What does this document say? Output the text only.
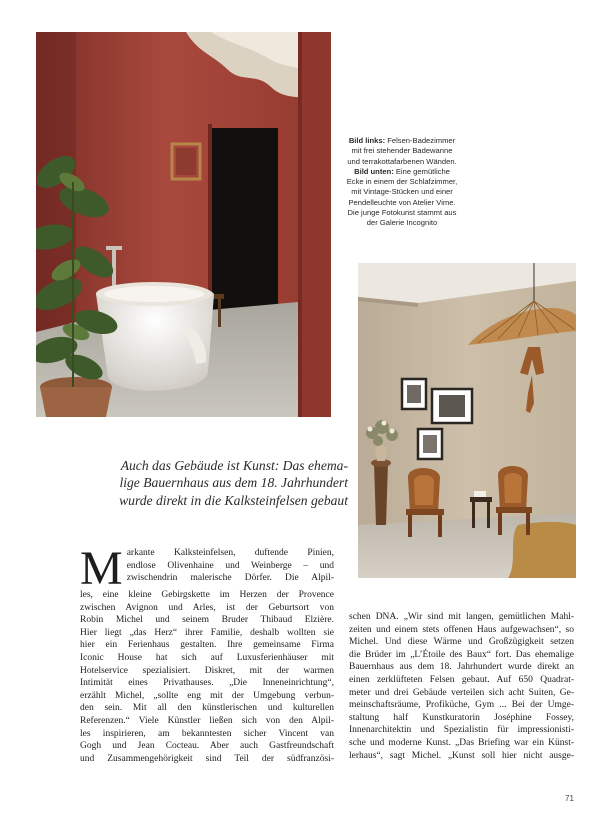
Bild links: Felsen-Badezimmer mit frei stehender Badewanne und terrakottafarbenen Wänden. Bild unten: Eine gemütliche Ecke in einem der Schlafzimmer, mit Vintage-Stücken und einer Pendelleuchte von Atelier Vime. Die junge Fotokunst stammt aus der Galerie Incognito
Auch das Gebäude ist Kunst: Das ehema-
lige Bauernhaus aus dem 18. Jahrhundert
wurde direkt in die Kalksteinfelsen gebaut
M arkante Kalksteinfelsen, duftende Pinien,
endlose Olivenhaine und Weinberge – und
zwischendrin malerische Dörfer. Die Alpil-
les, eine kleine Gebirgskette im Herzen der Provence
zwischen Avignon und Arles, ist der Geburtsort von
Robin Michel und seinem Bruder Thibaud Elzière.
Hier liegt „das Herz“ ihrer Familie, deshalb wollten sie
hier ein Ferienhaus gestalten. Ihre gemeinsame Firma
Iconic House hat sich auf Luxusferienhäuser mit
Hotelservice spezialisiert. Diskret, mit der warmen
Intimität eines Privathauses. „Die Inneneinrichtung“,
erzählt Michel, „sollte eng mit der Umgebung verbun-
den sein. Mit all den künstlerischen und kulturellen
Referenzen.“ Viele Künstler ließen sich von den Alpil-
les inspirieren, am bekanntesten sicher Vincent van
Gogh und Jean Cocteau. Aber auch Gastfreundschaft
und Zusammengehörigkeit sind Teil der südfranzösi-
schen DNA. „Wir sind mit langen, gemütlichen Mahl-
zeiten und einem stets offenen Haus aufgewachsen“, so
Michel. Und diese Wärme und Großzügigkeit setzen
die Brüder im „L’Étoile des Baux“ fort. Das ehemalige
Bauernhaus aus dem 18. Jahrhundert wurde direkt an
einen zerklüfteten Felsen gebaut. Auf 650 Quadrat-
meter und drei Gebäude verteilen sich acht Suiten, Ge-
meinschaftsräume, Profiküche, Gym ... Bei der Umge-
staltung half Kunstkuratorin Joséphine Fossey,
Innenarchitektin und Spezialistin für impressionisti-
sche und moderne Kunst. „Das Briefing war ein Künst-
lerhaus“, sagt Michel. „Kunst soll hier nicht ausge-
71
